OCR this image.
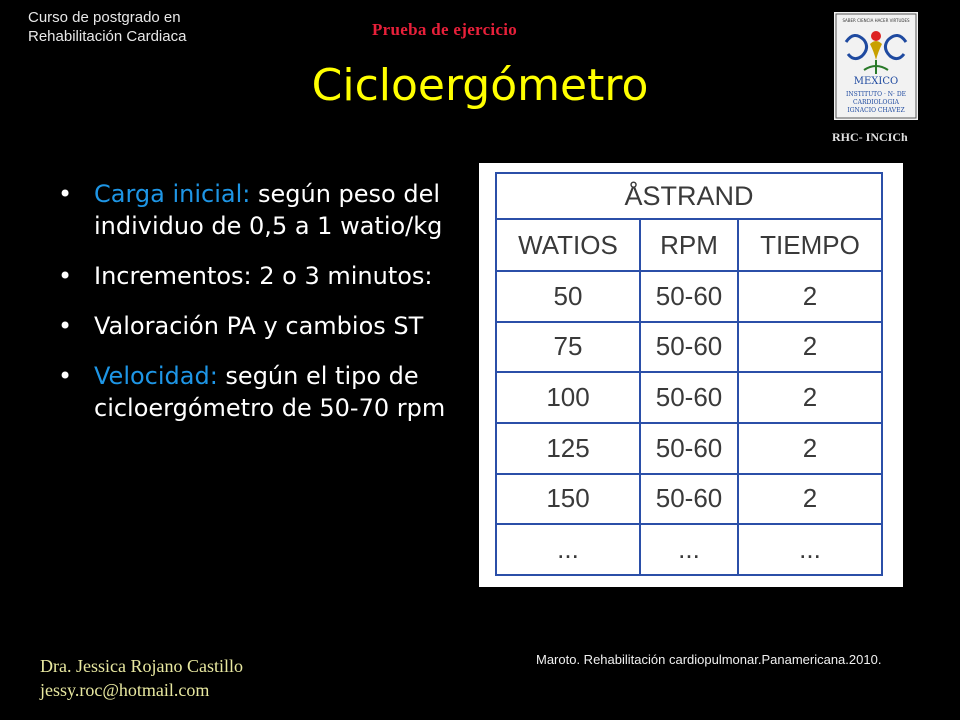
Curso de postgrado en
Rehabilitación Cardiaca	Prueba de ejercicio
Cicloergómetro
SABER CIENCIA HACER VIRTUDES
MEXICO
INSTITUTO · N· DE
CARDIOLOGIA
IGNACIO CHAVEZ
RHC- INCICh
• Carga inicial: según peso del individuo de 0,5 a 1 watio/kg
• Incrementos: 2 o 3 minutos:
• Valoración PA y cambios ST
• Velocidad: según el tipo de cicloergómetro de 50-70 rpm
ÅSTRAND		
WATIOS	RPM	TIEMPO
50	50-60	2
75	50-60	2
100	50-60	2
125	50-60	2
150	50-60	2
...	...	...
Maroto. Rehabilitación cardiopulmonar.Panamericana.2010.
Dra. Jessica Rojano Castillo
jessy.roc@hotmail.com
